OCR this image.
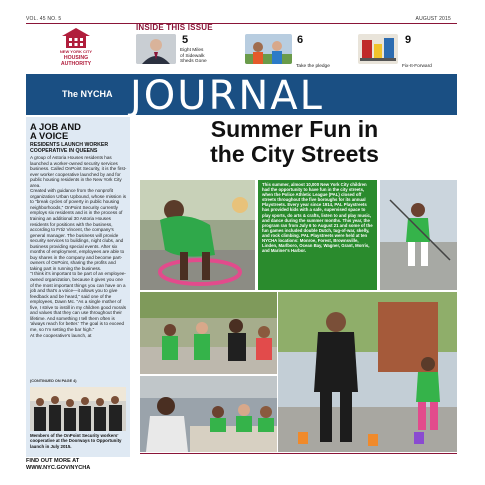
VOL. 45 NO. 5	AUGUST 2015
NEW YORK CITY
HOUSING
AUTHORITY
INSIDE THIS ISSUE
5
Eight Miles
of Sidewalk
Sheds Gone
6
Take the pledge
9
Fix-It-Forward
The NYCHA JOURNAL
A JOB AND
A VOICE
RESIDENTS LAUNCH WORKER
COOPERATIVE IN QUEENS
A group of Astoria Houses residents has launched a worker-owned security services business. Called OnPoint Security, it is the first-ever worker cooperative launched by and for public housing residents in the New York City area.
Created with guidance from the nonprofit organization Urban Upbound, whose mission is to "break cycles of poverty in public housing neighborhoods," OnPoint Security currently employs six residents and is in the process of training an additional 30 Astoria Houses residents for positions with the business, according to Frtiz Vincent, the company's general manager. The business will provide security services to buildings, night clubs, and business providing special events. After six months of employment, employees are able to buy shares in the company and become part-owners of OnPoint, sharing the profits and taking part in running the business.
"I think it's important to be part of an employee-owned organization, because it gives you one of the most important things you can have on a job and that's a voice—it allows you to give feedback and be heard," said one of the employees, Dawn Mc. "As a single mother of five, I strive to instill in my children good morals and values that they can use throughout their lifetime. And something I tell them often is 'always reach for better.' The goal is to exceed me, so I'm setting the bar high."
At the cooperative's launch, at
(CONTINUED ON PAGE 4)
Members of the OnPoint Security workers' cooperative at the Doorways to Opportunity launch in July 2015.
FIND OUT MORE AT
WWW.NYC.GOV/NYCHA
Summer Fun in
the City Streets
This summer, almost 10,000 New York City children had the opportunity to have fun in the city streets, when the Police Athletic League (PAL) closed off streets throughout the five boroughs for its annual Playstreets. Every year since 1914, PAL Playstreets has provided kids with a safe, supervised space to play sports, do arts & crafts, listen to and play music, and dance during the summer months. This year, the program ran from July 6 to August 21 and some of the fun games included double Dutch, tug-of-war, skelly, and rock climbing. PAL Playstreets were held at ten NYCHA locations: Monroe, Forest, Brownsville, Linden, Marlboro, Ocean Bay, Wagner, Grant, Morris, and Mariner's Harbor.
